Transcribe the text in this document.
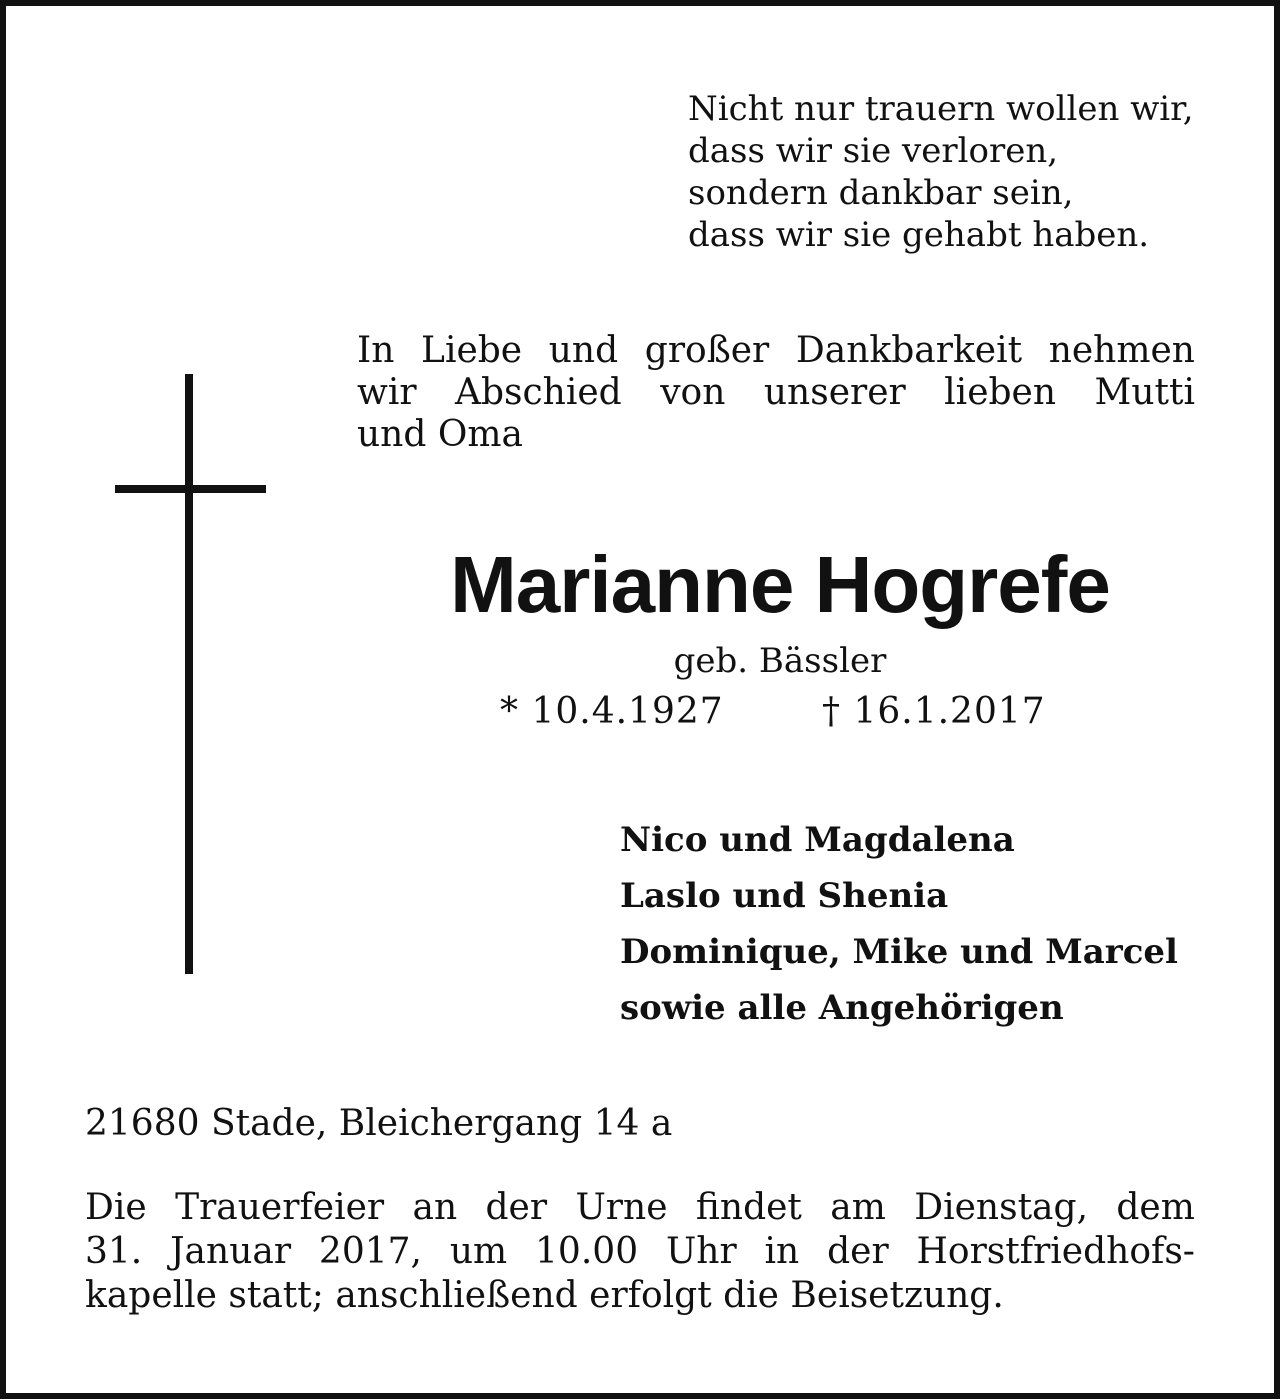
Nicht nur trauern wollen wir,
dass wir sie verloren,
sondern dankbar sein,
dass wir sie gehabt haben.
In Liebe und großer Dankbarkeit nehmen
wir Abschied von unserer lieben Mutti
und Oma
Marianne Hogrefe
geb. Bässler
* 10.4.1927	† 16.1.2017
Nico und Magdalena
Laslo und Shenia
Dominique, Mike und Marcel
sowie alle Angehörigen
21680 Stade, Bleichergang 14 a
Die Trauerfeier an der Urne findet am Dienstag, dem
31. Januar 2017, um 10.00 Uhr in der Horstfriedhofs-
kapelle statt; anschließend erfolgt die Beisetzung.
